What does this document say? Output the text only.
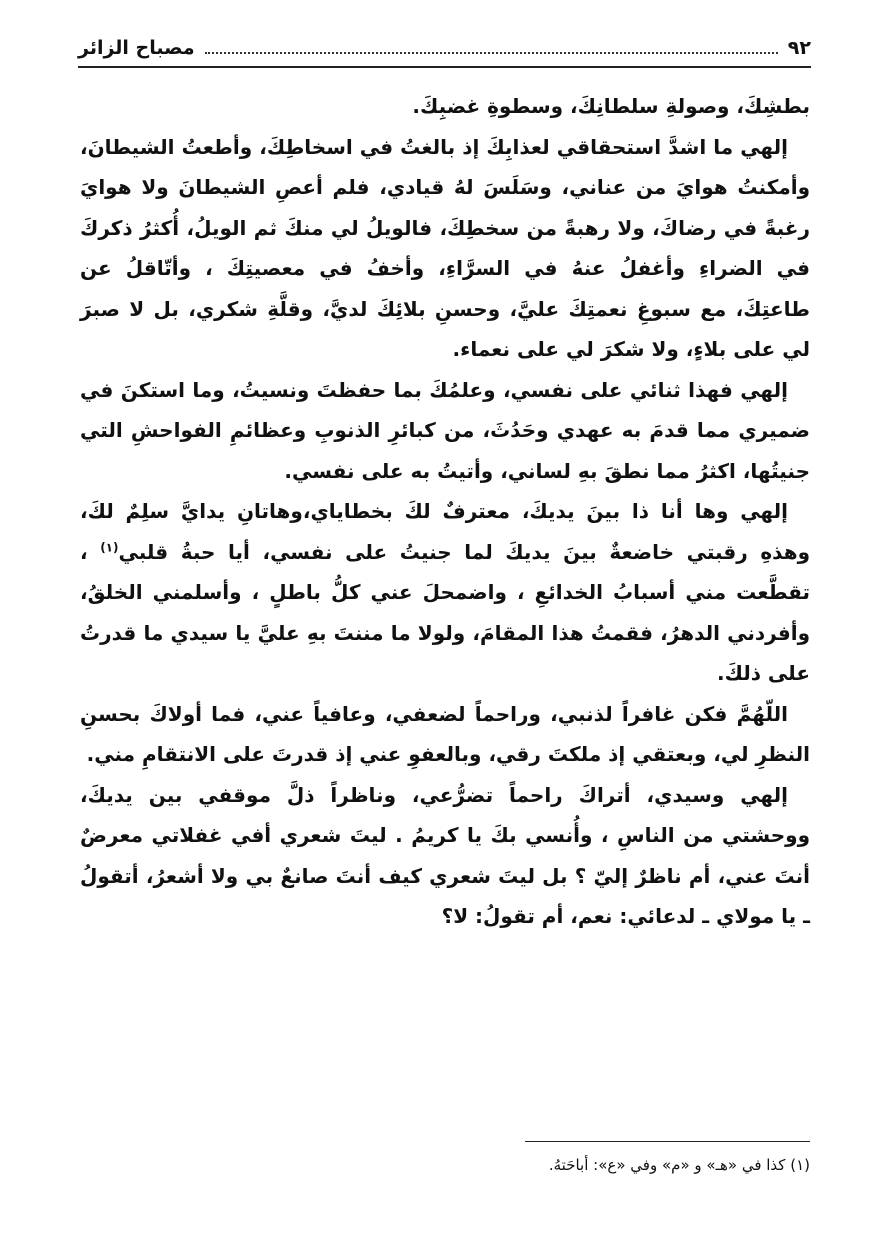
٩٢
مصباح الزائر

بطشِكَ، وصولةِ سلطانِكَ، وسطوةِ غضبِكَ.

إلهي ما اشدَّ استحقاقي لعذابِكَ إذ بالغتُ في اسخاطِكَ، وأطعتُ الشيطانَ، وأمكنتُ هوايَ من عناني، وسَلَسَ لهُ قيادي، فلم أعصِ الشيطانَ ولا هوايَ رغبةً في رضاكَ، ولا رهبةً من سخطِكَ، فالويلُ لي منكَ ثم الويلُ، أُكثرُ ذكركَ في الضراءِ وأغفلُ عنهُ في السرَّاءِ، وأخفُ في معصيتِكَ ، وأتّاقلُ عن طاعتِكَ، مع سبوغِ نعمتِكَ عليَّ، وحسنِ بلائِكَ لديَّ، وقلَّةِ شكري، بل لا صبرَ لي على بلاءٍ، ولا شكرَ لي على نعماء.

إلهي فهذا ثنائي على نفسي، وعلمُكَ بما حفظتَ ونسيتُ، وما استكنَ في ضميري مما قدمَ به عهدي وحَدُثَ، من كبائرِ الذنوبِ وعظائمِ الفواحشِ التي جنيتُها، اكثرُ مما نطقَ بهِ لساني، وأتيتُ به على نفسي.

إلهي وها أنا ذا بينَ يديكَ، معترفٌ لكَ بخطاياي،وهاتانِ يدايَّ سلِمٌ لكَ، وهذهِ رقبتي خاضعةٌ بينَ يديكَ لما جنيتُ على نفسي، أيا حبةُ قلبي$^{(١)}$ ، تقطَّعت مني أسبابُ الخدائعِ ، واضمحلَ عني كلُّ باطلٍ ، وأسلمني الخلقُ، وأفردني الدهرُ، فقمتُ هذا المقامَ، ولولا ما مننتَ بهِ عليَّ يا سيدي ما قدرتُ على ذلكَ.

اللّهُمَّ فكن غافراً لذنبي، وراحماً لضعفي، وعافياً عني، فما أولاكَ بحسنِ النظرِ لي، وبعتقي إذ ملكتَ رقي، وبالعفوِ عني إذ قدرتَ على الانتقامِ مني.

إلهي وسيدي، أتراكَ راحماً تضرُّعي، وناظراً ذلَّ موقفي بين يديكَ، ووحشتي من الناسِ ، وأُنسي بكَ يا كريمُ . ليتَ شعري أفي غفلاتي معرضٌ أنتَ عني، أم ناظرٌ إليّ ؟ بل ليتَ شعري كيف أنتَ صانعٌ بي ولا أشعرُ، أتقولُ ـ يا مولاي ـ لدعائي: نعم، أم تقولُ: لا؟

(١) كذا في «هـ» و «م» وفي «ع»: أباحَتهُ.
